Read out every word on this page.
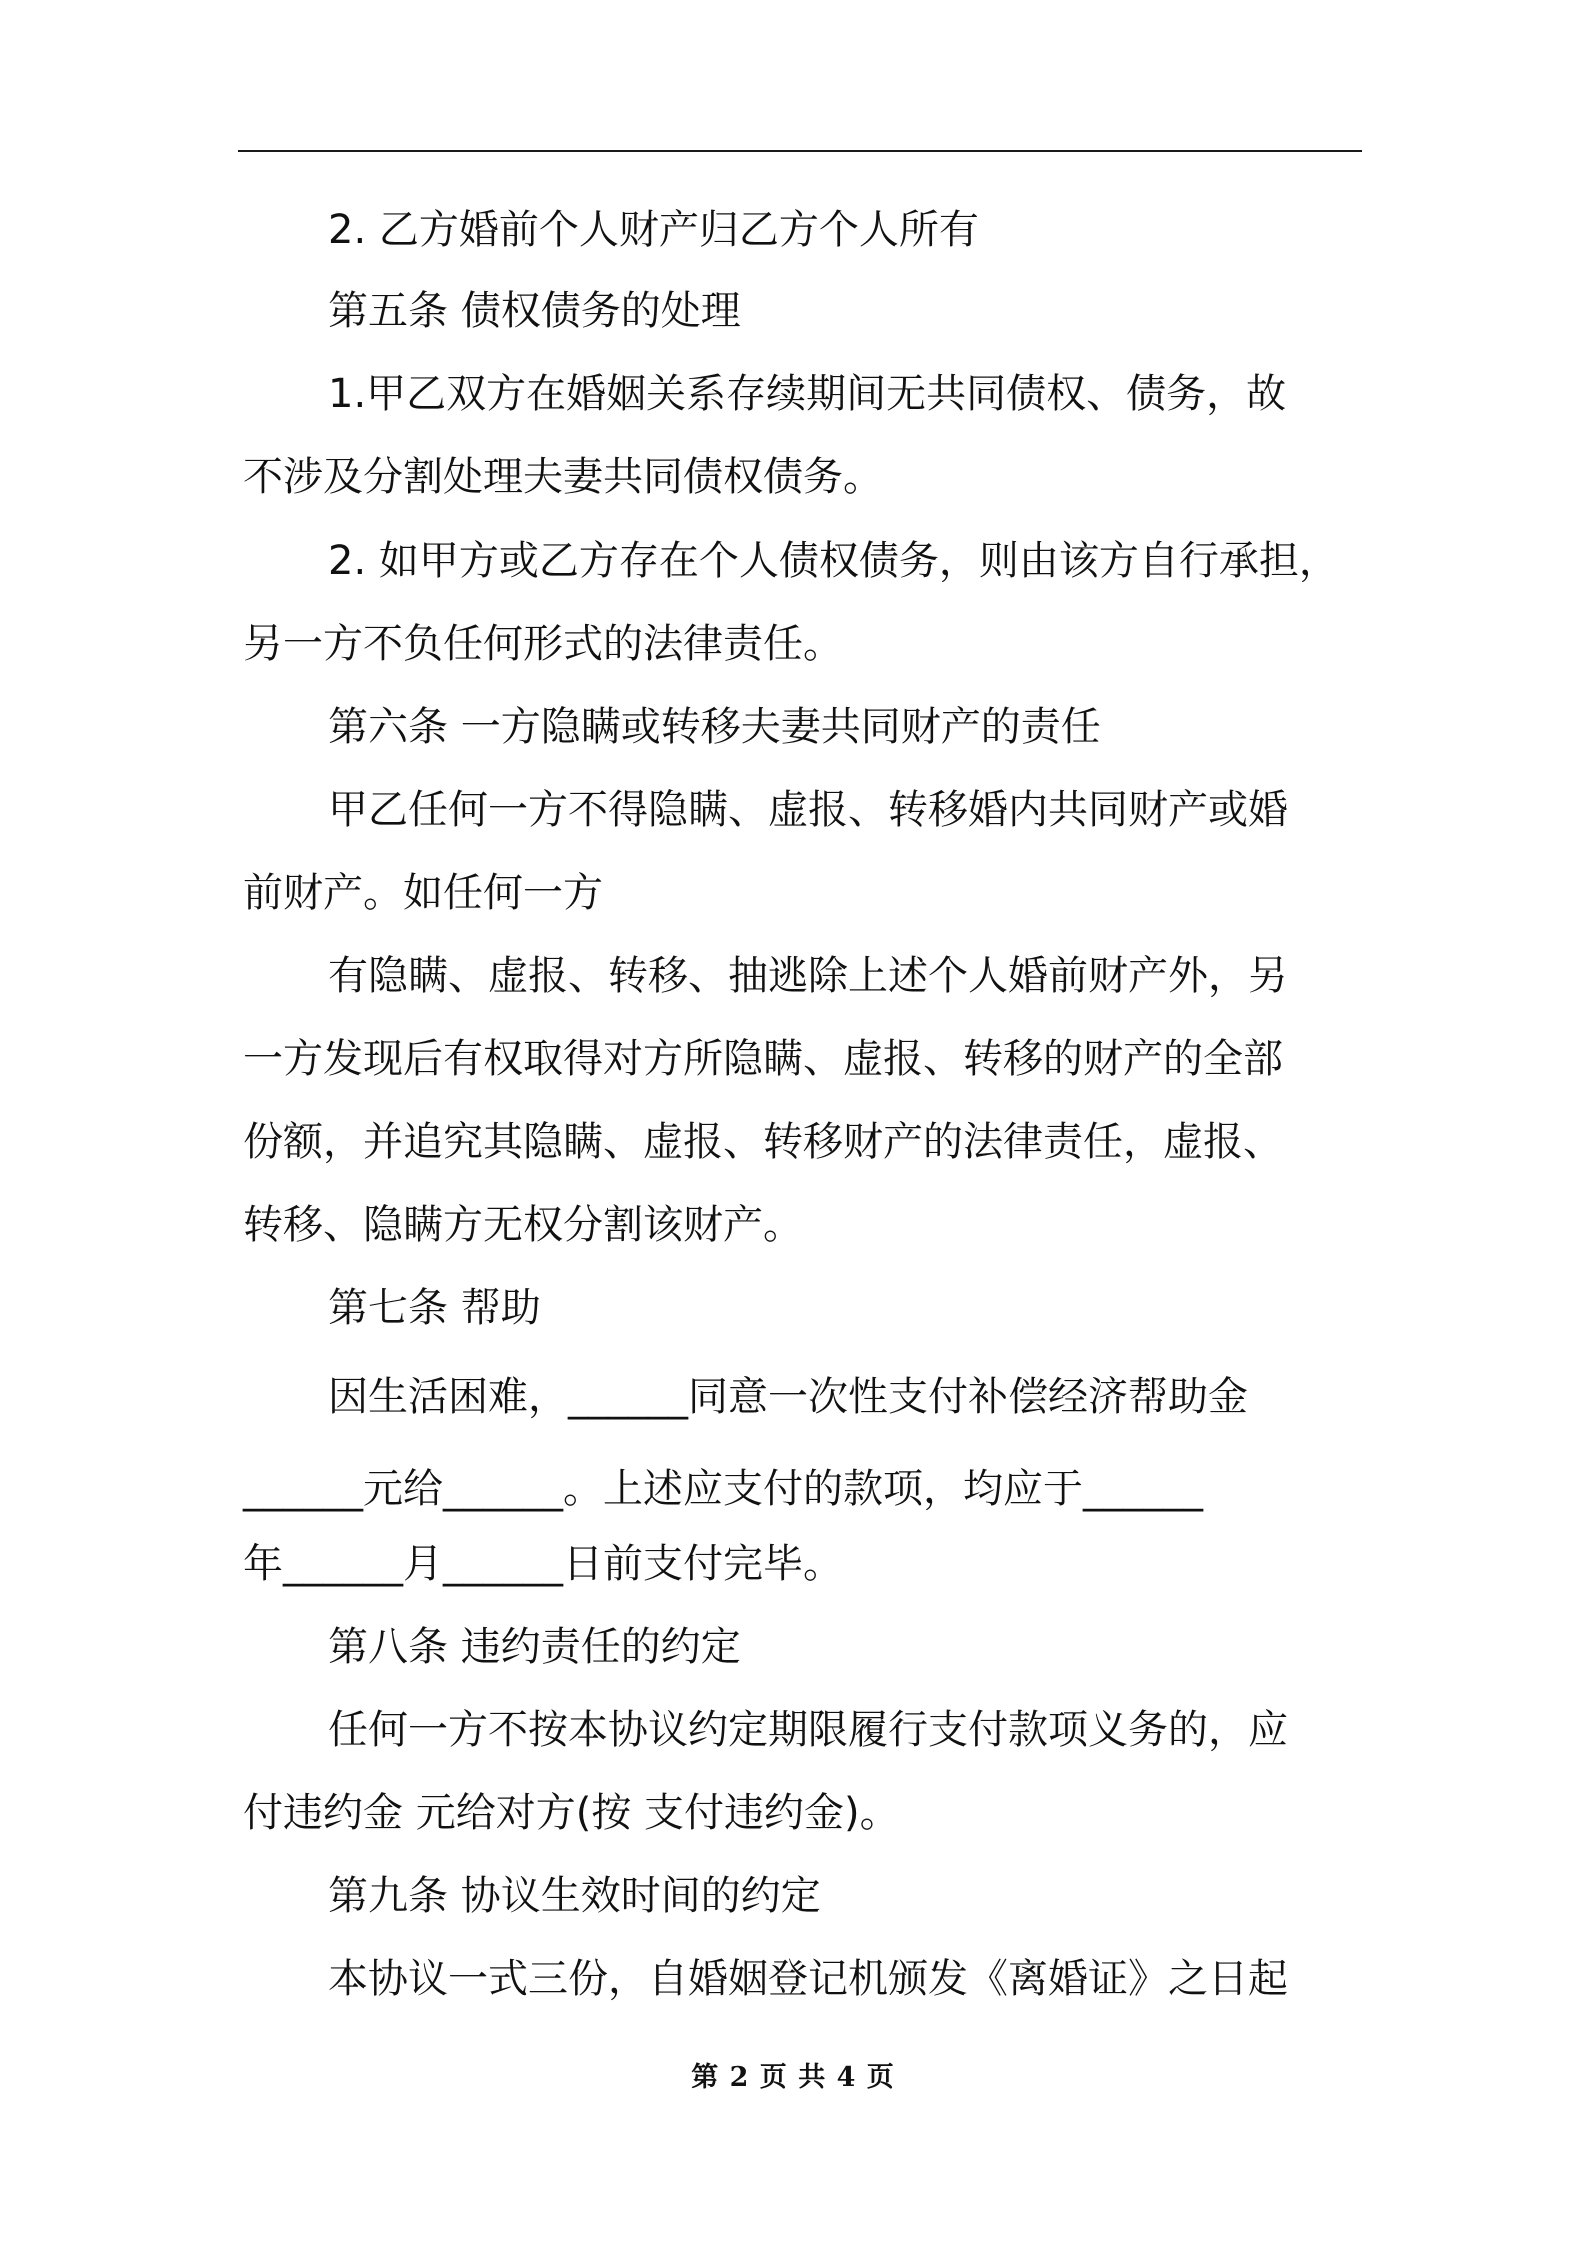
2. 乙方婚前个人财产归乙方个人所有
第五条 债权债务的处理
1.甲乙双方在婚姻关系存续期间无共同债权、债务，故
不涉及分割处理夫妻共同债权债务。
2. 如甲方或乙方存在个人债权债务，则由该方自行承担，
另一方不负任何形式的法律责任。
第六条 一方隐瞒或转移夫妻共同财产的责任
甲乙任何一方不得隐瞒、虚报、转移婚内共同财产或婚
前财产。如任何一方
有隐瞒、虚报、转移、抽逃除上述个人婚前财产外，另
一方发现后有权取得对方所隐瞒、虚报、转移的财产的全部
份额，并追究其隐瞒、虚报、转移财产的法律责任，虚报、
转移、隐瞒方无权分割该财产。
第七条 帮助
因生活困难，______同意一次性支付补偿经济帮助金
______元给______。上述应支付的款项，均应于______
年______月______日前支付完毕。
第八条 违约责任的约定
任何一方不按本协议约定期限履行支付款项义务的，应
付违约金 元给对方(按 支付违约金)。
第九条 协议生效时间的约定
本协议一式三份，自婚姻登记机颁发《离婚证》之日起
第 2 页 共 4 页
